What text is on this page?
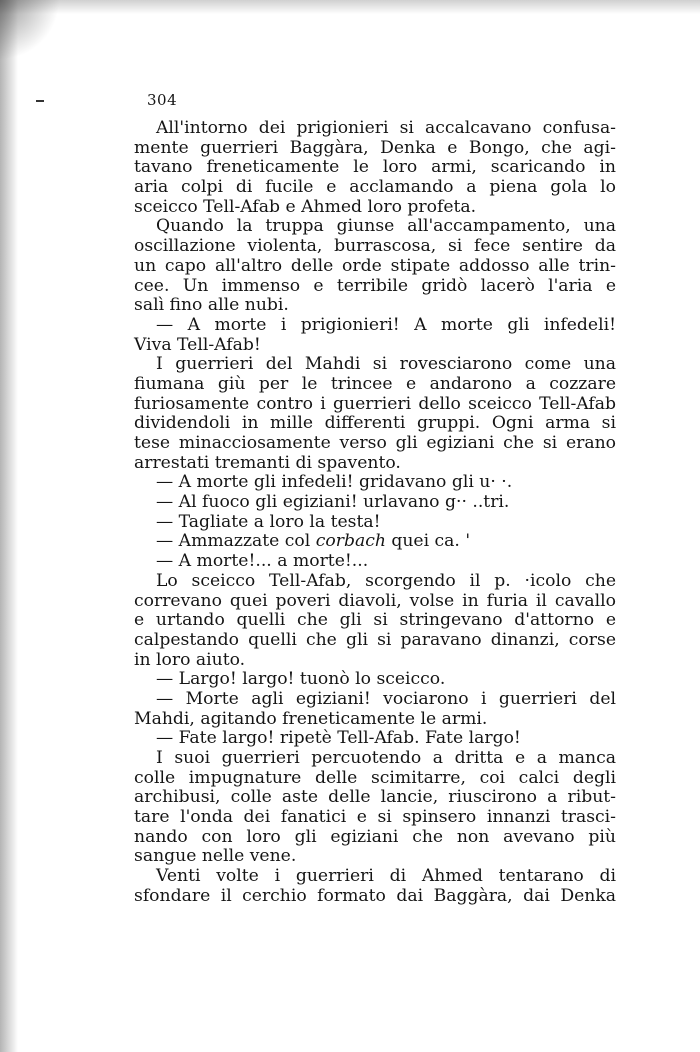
304
All'intorno dei prigionieri si accalcavano confusa-
mente guerrieri Baggàra, Denka e Bongo, che agi-
tavano freneticamente le loro armi, scaricando in
aria colpi di fucile e acclamando a piena gola lo
sceicco Tell-Afab e Ahmed loro profeta.
Quando la truppa giunse all'accampamento, una
oscillazione violenta, burrascosa, si fece sentire da
un capo all'altro delle orde stipate addosso alle trin-
cee. Un immenso e terribile gridò lacerò l'aria e
salì fino alle nubi.
— A morte i prigionieri! A morte gli infedeli!
Viva Tell-Afab!
I guerrieri del Mahdi si rovesciarono come una
fiumana giù per le trincee e andarono a cozzare
furiosamente contro i guerrieri dello sceicco Tell-Afab
dividendoli in mille differenti gruppi. Ogni arma si
tese minacciosamente verso gli egiziani che si erano
arrestati tremanti di spavento.
— A morte gli infedeli! gridavano gli u· ·.
— Al fuoco gli egiziani! urlavano g·· ..tri.
— Tagliate a loro la testa!
— Ammazzate col corbach quei ca. '
— A morte!... a morte!...
Lo sceicco Tell-Afab, scorgendo il p. ·icolo che
correvano quei poveri diavoli, volse in furia il cavallo
e urtando quelli che gli si stringevano d'attorno e
calpestando quelli che gli si paravano dinanzi, corse
in loro aiuto.
— Largo! largo! tuonò lo sceicco.
— Morte agli egiziani! vociarono i guerrieri del
Mahdi, agitando freneticamente le armi.
— Fate largo! ripetè Tell-Afab. Fate largo!
I suoi guerrieri percuotendo a dritta e a manca
colle impugnature delle scimitarre, coi calci degli
archibusi, colle aste delle lancie, riuscirono a ribut-
tare l'onda dei fanatici e si spinsero innanzi trasci-
nando con loro gli egiziani che non avevano più
sangue nelle vene.
Venti volte i guerrieri di Ahmed tentarano di
sfondare il cerchio formato dai Baggàra, dai Denka
